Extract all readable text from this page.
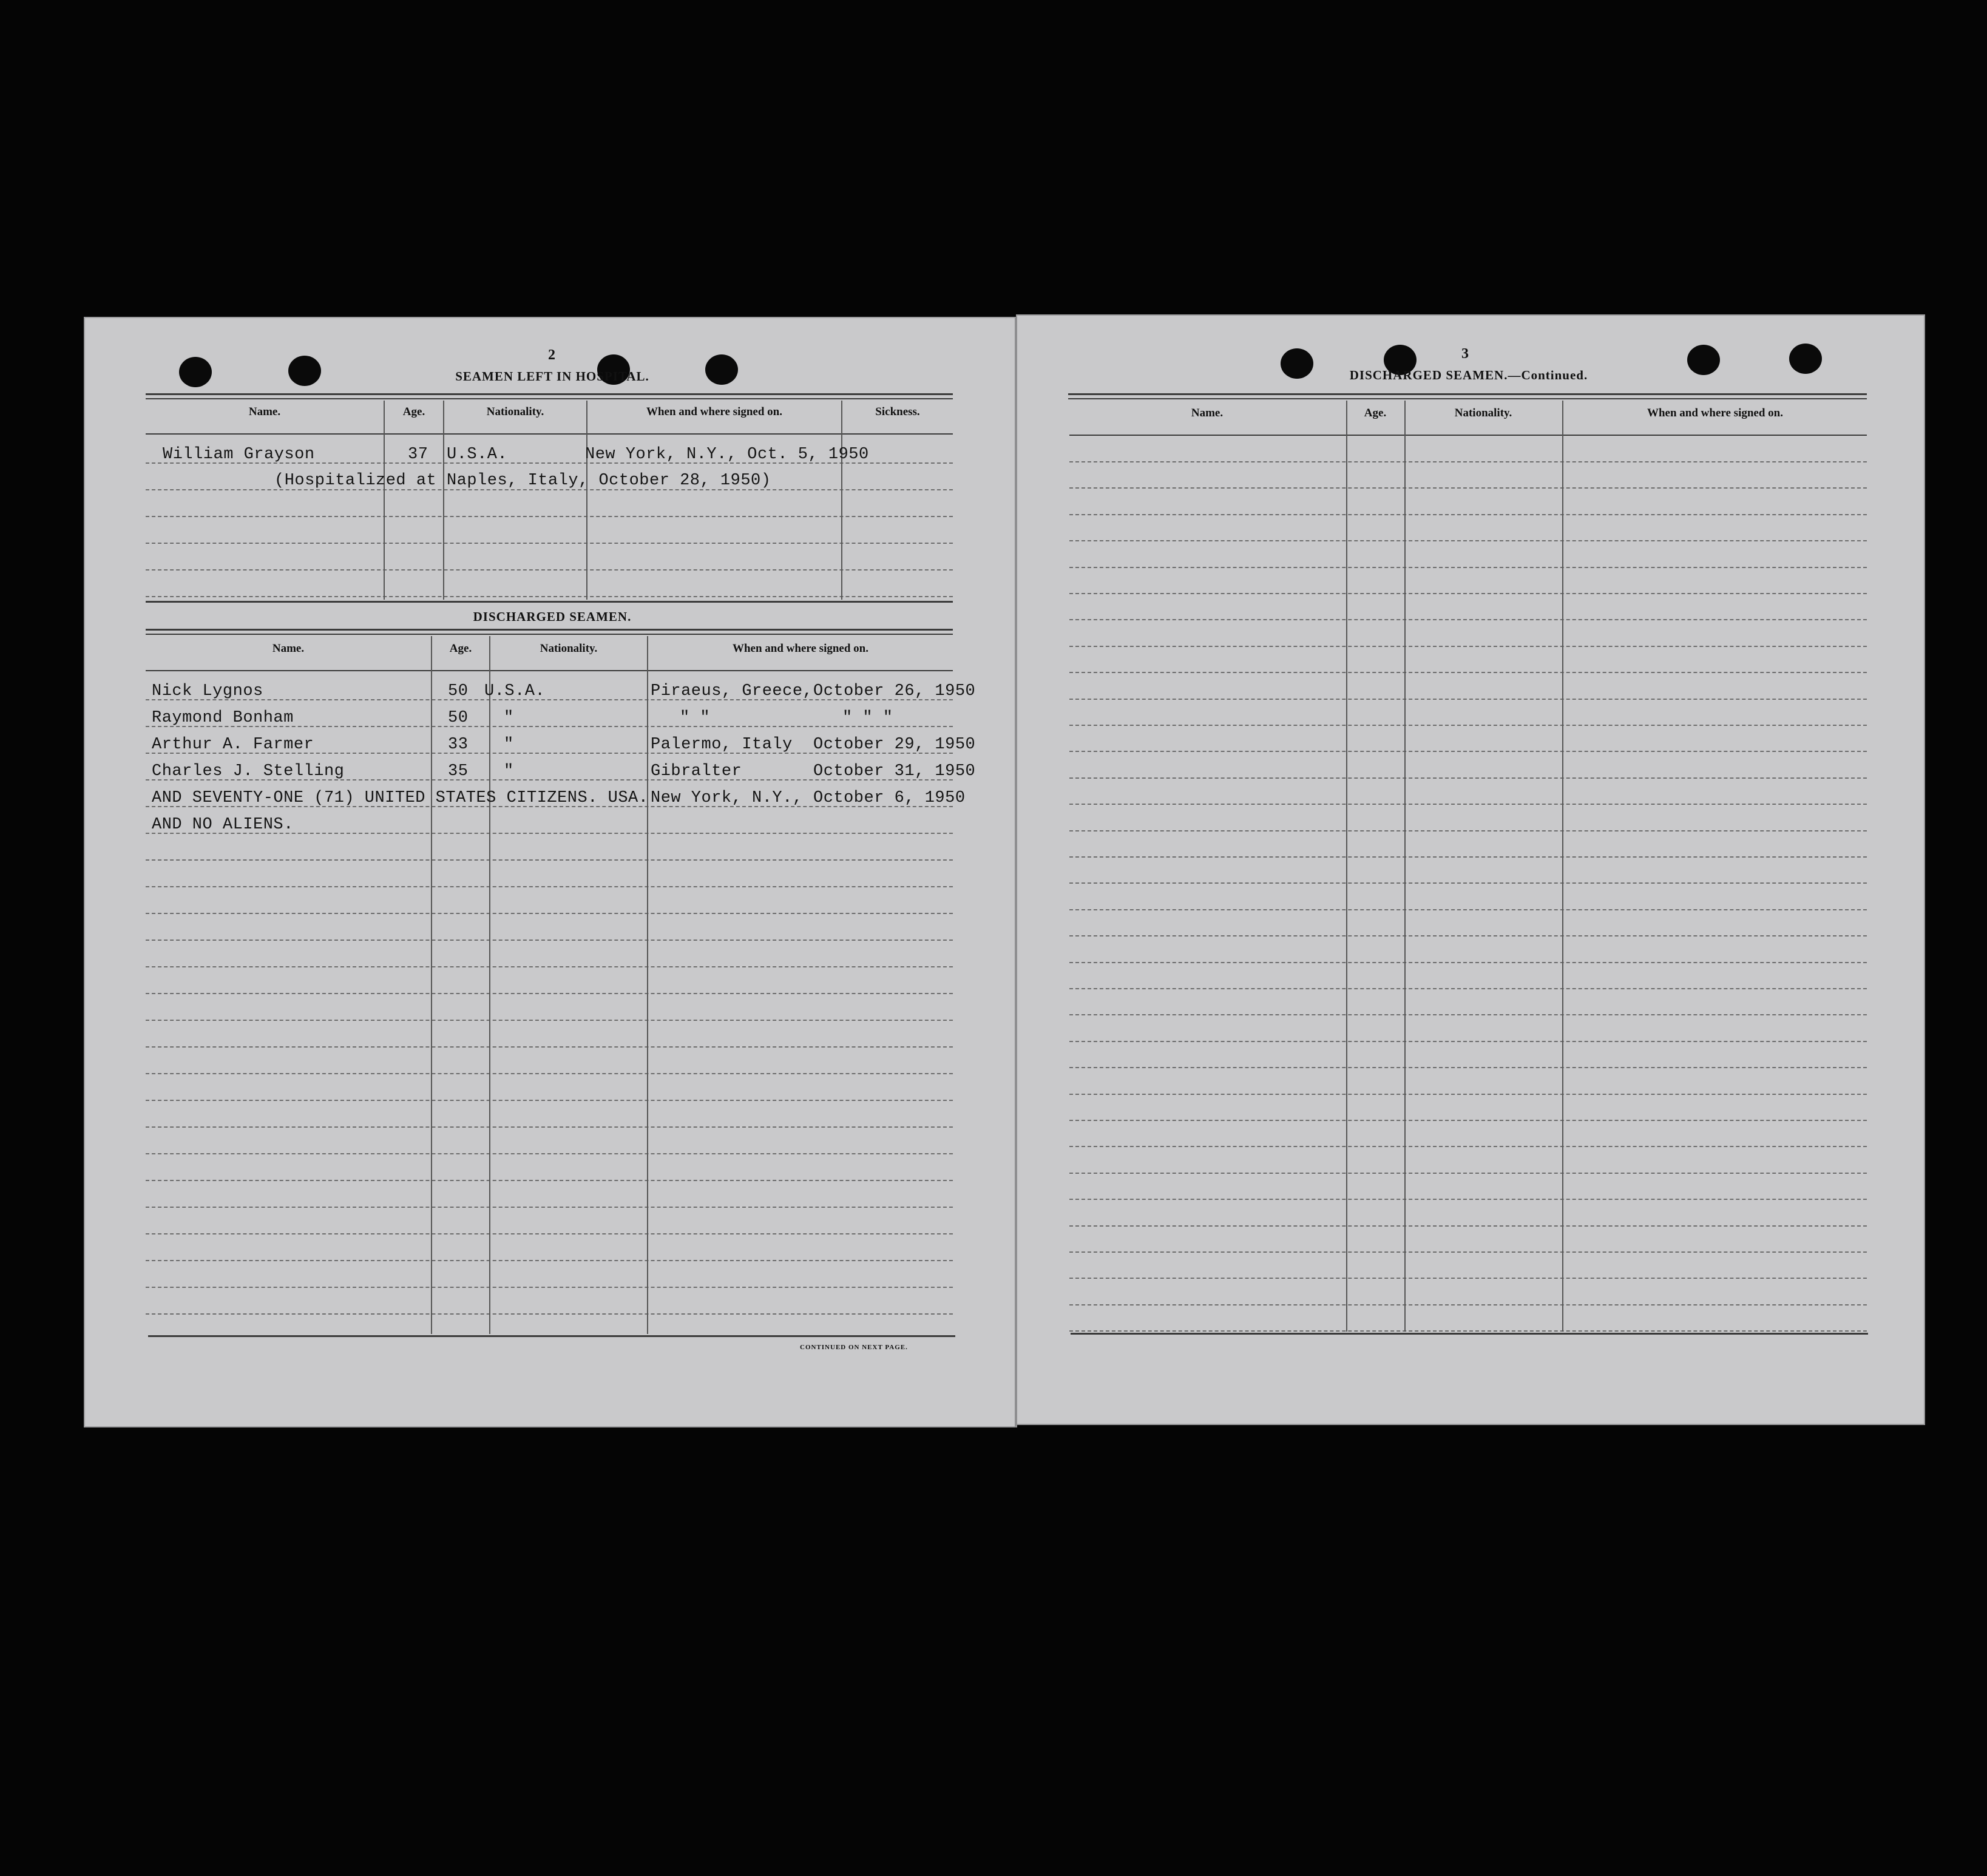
2
SEAMEN LEFT IN HOSPITAL.
Name.	Age.	Nationality.	When and where signed on.	Sickness.
William Grayson	37 U.S.A.	New York, N.Y., Oct. 5, 1950
(Hospitalized at Naples, Italy, October 28, 1950)
DISCHARGED SEAMEN.
Name.	Age.	Nationality.	When and where signed on.
Nick Lygnos	50 U.S.A.	Piraeus, Greece, October 26, 1950
Raymond Bonham	50 "	" "	" " "
Arthur A. Farmer	33 "	Palermo, Italy October 29, 1950
Charles J. Stelling	35 "	Gibralter	October 31, 1950
AND SEVENTY-ONE (71) UNITED STATES CITIZENS. USA. New York, N.Y., October 6, 1950
AND NO ALIENS.
CONTINUED ON NEXT PAGE.
3
DISCHARGED SEAMEN.—Continued.
Name.	Age.	Nationality.	When and where signed on.
